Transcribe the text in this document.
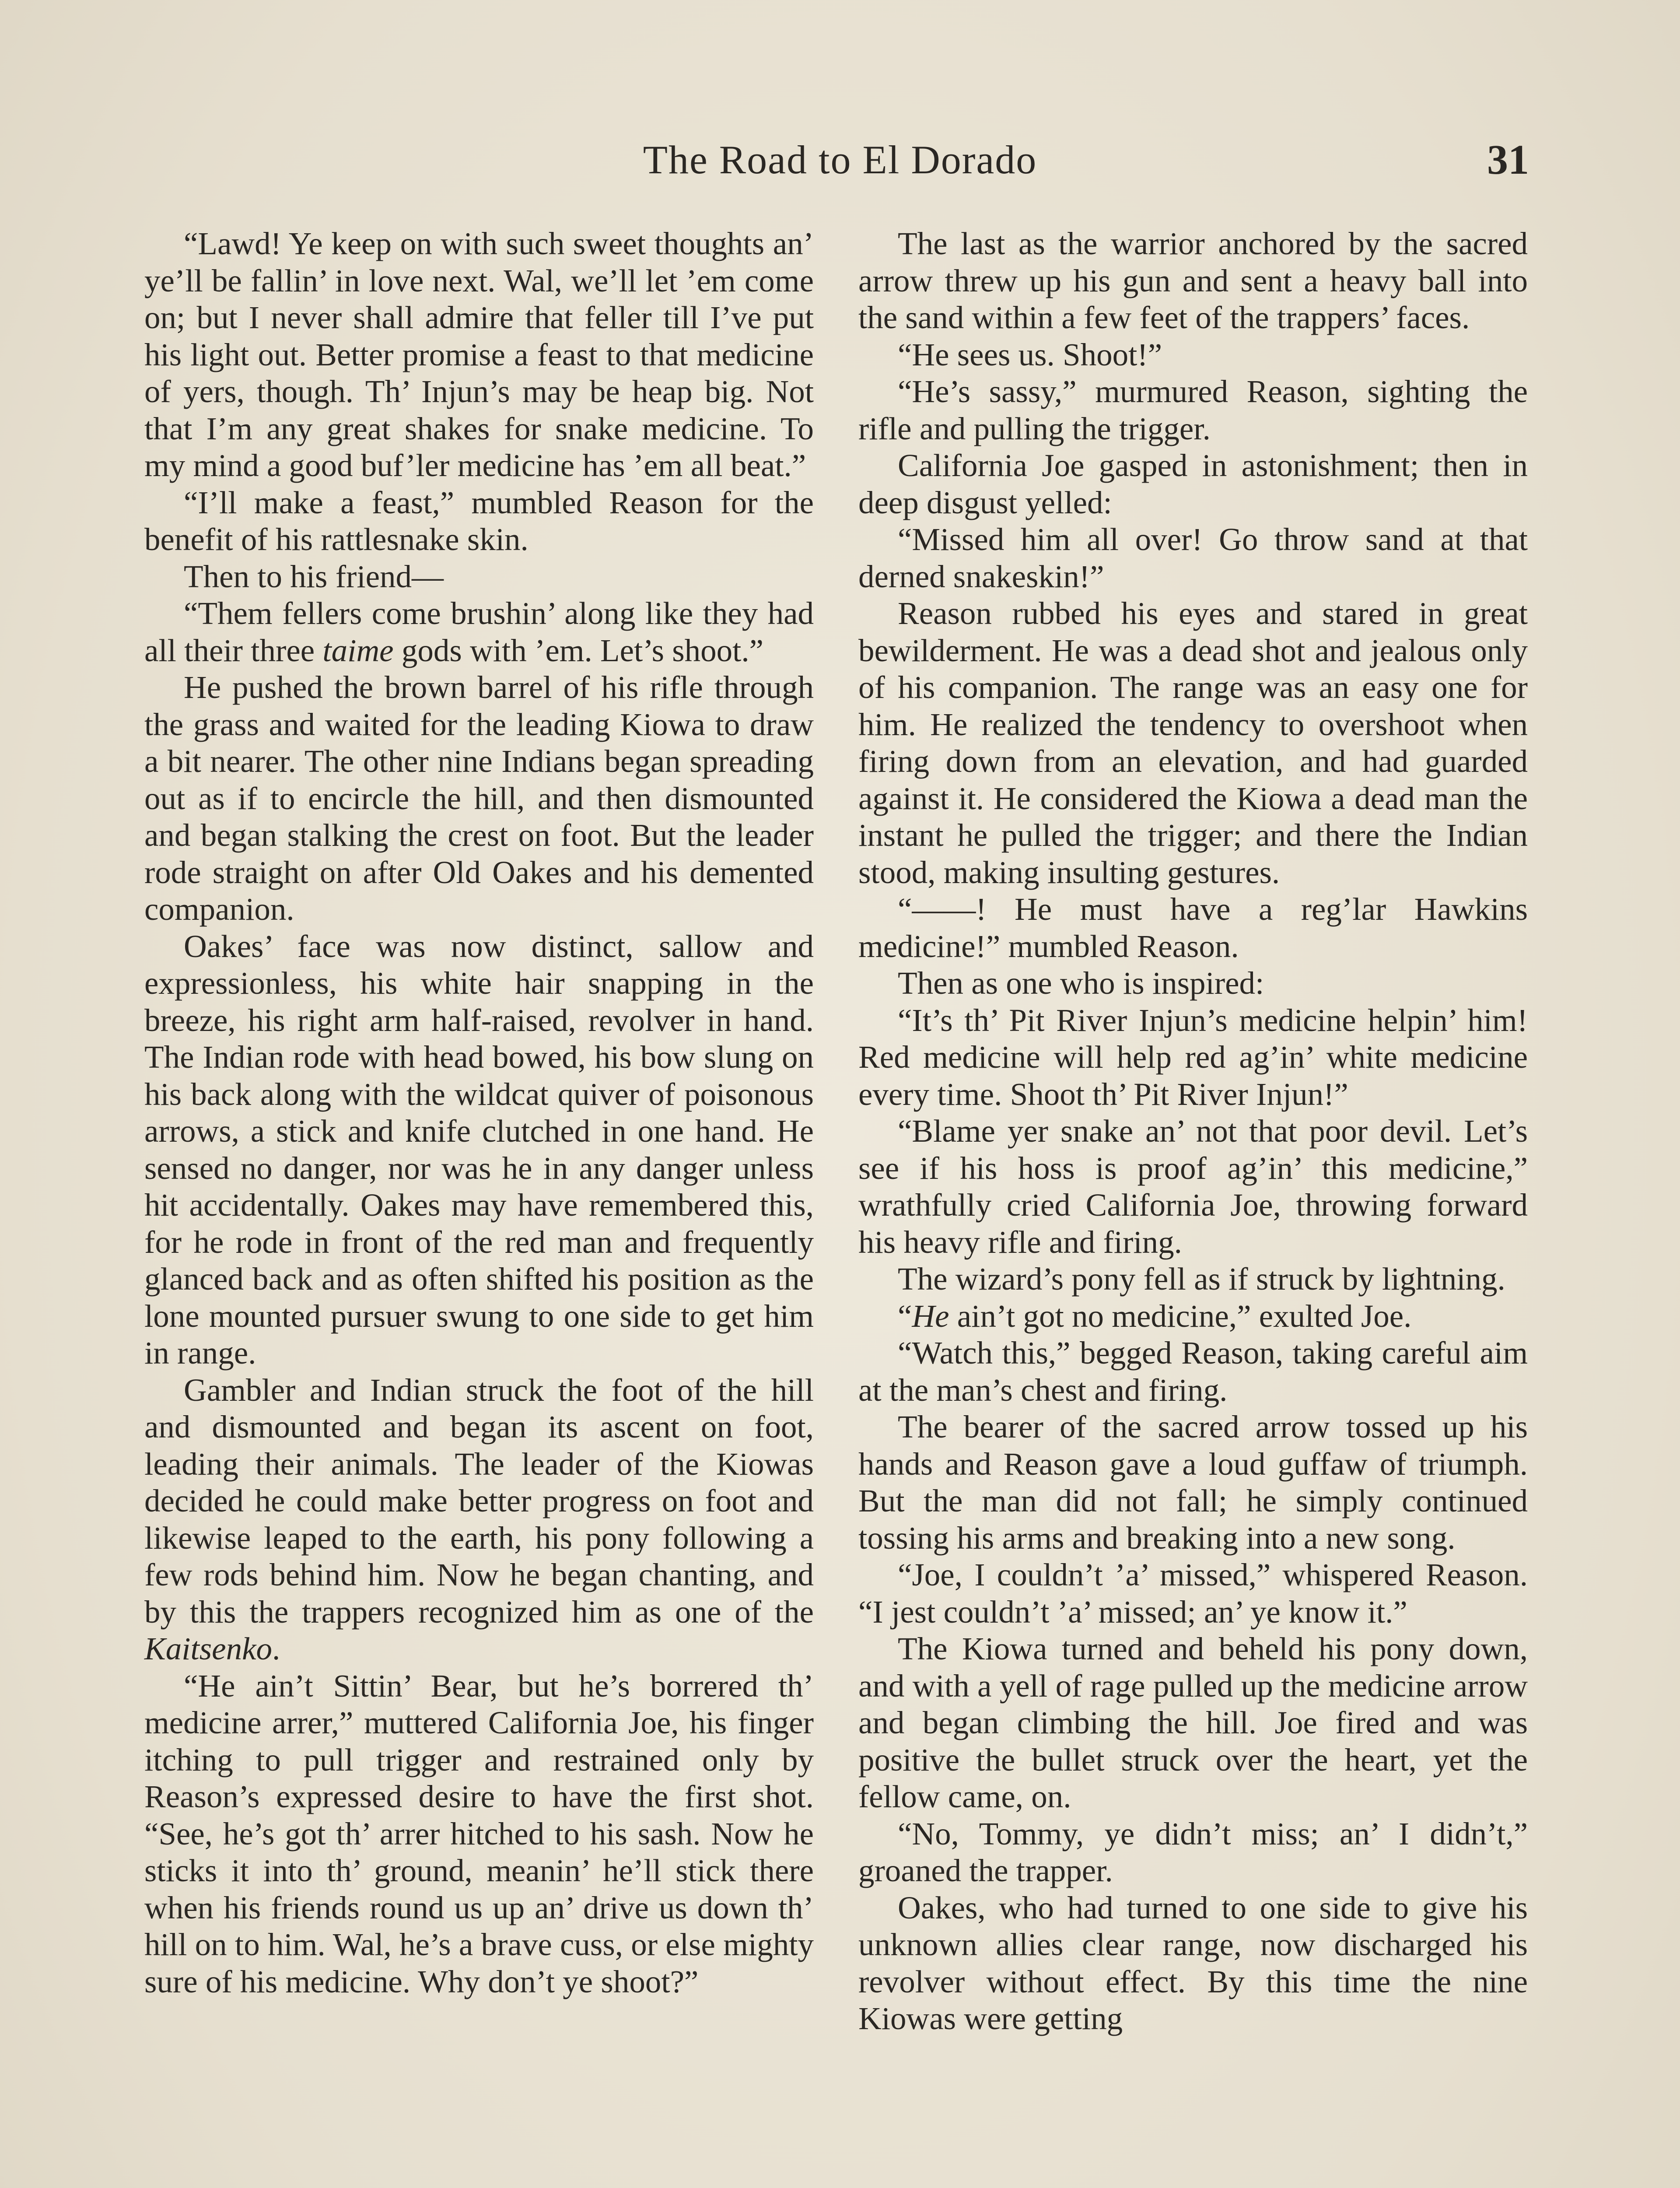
The Road to El Dorado	31

“Lawd! Ye keep on with such sweet thoughts an’ ye’ll be fallin’ in love next. Wal, we’ll let ’em come on; but I never shall admire that feller till I’ve put his light out. Better promise a feast to that medicine of yers, though. Th’ Injun’s may be heap big. Not that I’m any great shakes for snake medicine. To my mind a good buf’ler medicine has ’em all beat.”

“I’ll make a feast,” mumbled Reason for the benefit of his rattlesnake skin.

Then to his friend—

“Them fellers come brushin’ along like they had all their three taime gods with ’em. Let’s shoot.”

He pushed the brown barrel of his rifle through the grass and waited for the leading Kiowa to draw a bit nearer. The other nine Indians began spreading out as if to encircle the hill, and then dismounted and began stalking the crest on foot. But the leader rode straight on after Old Oakes and his demented companion.

Oakes’ face was now distinct, sallow and expressionless, his white hair snapping in the breeze, his right arm half-raised, revolver in hand. The Indian rode with head bowed, his bow slung on his back along with the wildcat quiver of poisonous arrows, a stick and knife clutched in one hand. He sensed no danger, nor was he in any danger unless hit accidentally. Oakes may have remembered this, for he rode in front of the red man and frequently glanced back and as often shifted his position as the lone mounted pursuer swung to one side to get him in range.

Gambler and Indian struck the foot of the hill and dismounted and began its ascent on foot, leading their animals. The leader of the Kiowas decided he could make better progress on foot and likewise leaped to the earth, his pony following a few rods behind him. Now he began chanting, and by this the trappers recognized him as one of the Kaitsenko.

“He ain’t Sittin’ Bear, but he’s borrered th’ medicine arrer,” muttered California Joe, his finger itching to pull trigger and restrained only by Reason’s expressed desire to have the first shot. “See, he’s got th’ arrer hitched to his sash. Now he sticks it into th’ ground, meanin’ he’ll stick there when his friends round us up an’ drive us down th’ hill on to him. Wal, he’s a brave cuss, or else mighty sure of his medicine. Why don’t ye shoot?”

The last as the warrior anchored by the sacred arrow threw up his gun and sent a heavy ball into the sand within a few feet of the trappers’ faces.

“He sees us. Shoot!”

“He’s sassy,” murmured Reason, sighting the rifle and pulling the trigger.

California Joe gasped in astonishment; then in deep disgust yelled:

“Missed him all over! Go throw sand at that derned snakeskin!”

Reason rubbed his eyes and stared in great bewilderment. He was a dead shot and jealous only of his companion. The range was an easy one for him. He realized the tendency to overshoot when firing down from an elevation, and had guarded against it. He considered the Kiowa a dead man the instant he pulled the trigger; and there the Indian stood, making insulting gestures.

“——! He must have a reg’lar Hawkins medicine!” mumbled Reason.

Then as one who is inspired:

“It’s th’ Pit River Injun’s medicine helpin’ him! Red medicine will help red ag’in’ white medicine every time. Shoot th’ Pit River Injun!”

“Blame yer snake an’ not that poor devil. Let’s see if his hoss is proof ag’in’ this medicine,” wrathfully cried California Joe, throwing forward his heavy rifle and firing.

The wizard’s pony fell as if struck by lightning.

“He ain’t got no medicine,” exulted Joe.

“Watch this,” begged Reason, taking careful aim at the man’s chest and firing.

The bearer of the sacred arrow tossed up his hands and Reason gave a loud guffaw of triumph. But the man did not fall; he simply continued tossing his arms and breaking into a new song.

“Joe, I couldn’t ’a’ missed,” whispered Reason. “I jest couldn’t ’a’ missed; an’ ye know it.”

The Kiowa turned and beheld his pony down, and with a yell of rage pulled up the medicine arrow and began climbing the hill. Joe fired and was positive the bullet struck over the heart, yet the fellow came, on.

“No, Tommy, ye didn’t miss; an’ I didn’t,” groaned the trapper.

Oakes, who had turned to one side to give his unknown allies clear range, now discharged his revolver without effect. By this time the nine Kiowas were getting
